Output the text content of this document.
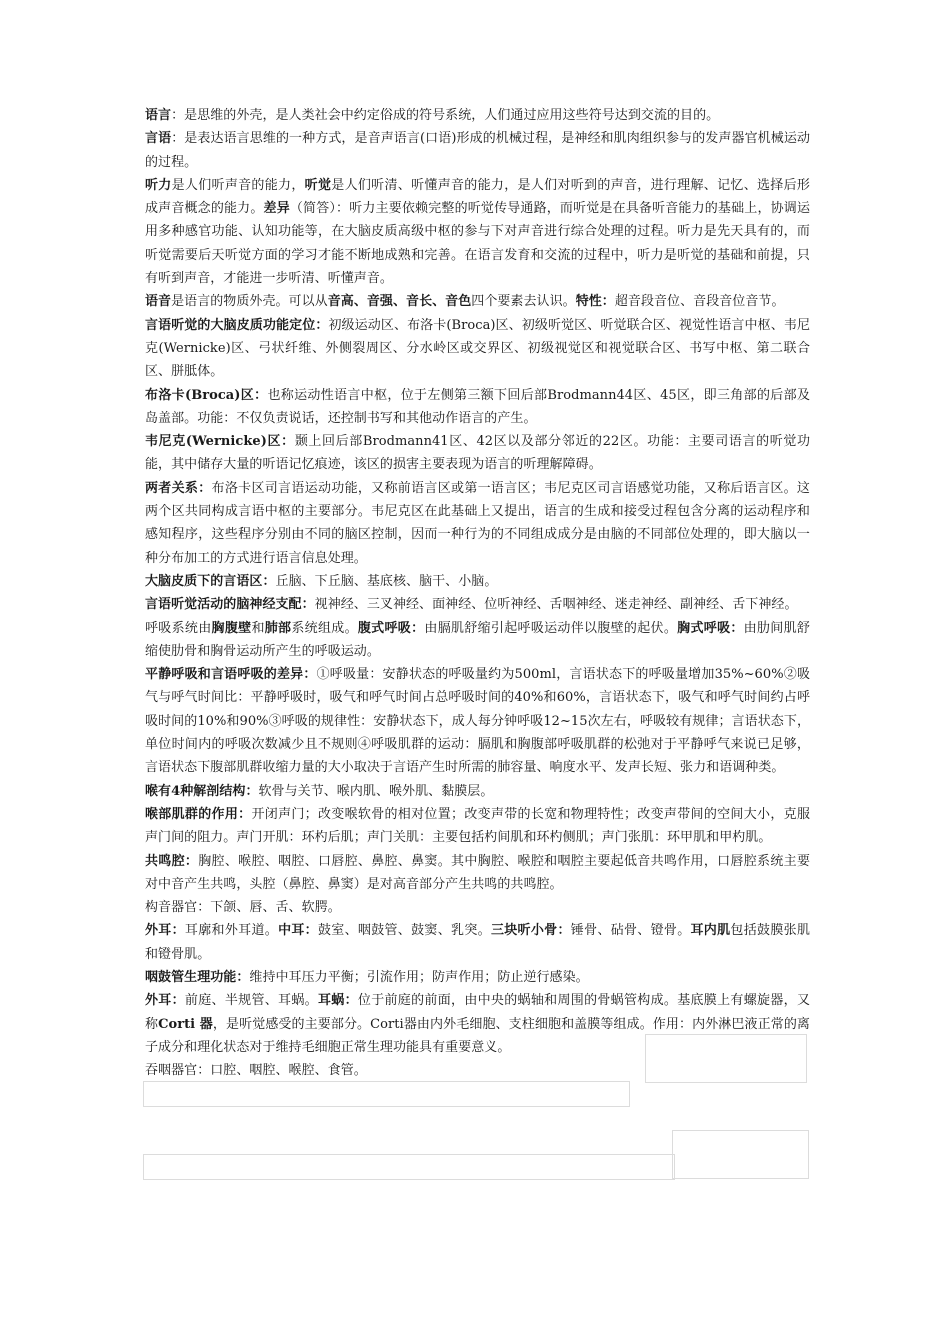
语言：是思维的外壳，是人类社会中约定俗成的符号系统，人们通过应用这些符号达到交流的目的。

言语：是表达语言思维的一种方式，是音声语言(口语)形成的机械过程，是神经和肌肉组织参与的发声器官机械运动的过程。

听力是人们听声音的能力，听觉是人们听清、听懂声音的能力，是人们对听到的声音，进行理解、记忆、选择后形成声音概念的能力。差异（简答）：听力主要依赖完整的听觉传导通路，而听觉是在具备听音能力的基础上，协调运用多种感官功能、认知功能等，在大脑皮质高级中枢的参与下对声音进行综合处理的过程。听力是先天具有的，而听觉需要后天听觉方面的学习才能不断地成熟和完善。在语言发育和交流的过程中，听力是听觉的基础和前提，只有听到声音，才能进一步听清、听懂声音。

语音是语言的物质外壳。可以从音高、音强、音长、音色四个要素去认识。特性：超音段音位、音段音位音节。

言语听觉的大脑皮质功能定位：初级运动区、布洛卡(Broca)区、初级听觉区、听觉联合区、视觉性语言中枢、韦尼克(Wernicke)区、弓状纤维、外侧裂周区、分水岭区或交界区、初级视觉区和视觉联合区、书写中枢、第二联合区、胼胝体。

布洛卡(Broca)区：也称运动性语言中枢，位于左侧第三额下回后部Brodmann44区、45区，即三角部的后部及岛盖部。功能：不仅负责说话，还控制书写和其他动作语言的产生。

韦尼克(Wernicke)区：颞上回后部Brodmann41区、42区以及部分邻近的22区。功能：主要司语言的听觉功能，其中储存大量的听语记忆痕迹，该区的损害主要表现为语言的听理解障碍。

两者关系：布洛卡区司言语运动功能，又称前语言区或第一语言区；韦尼克区司言语感觉功能，又称后语言区。这两个区共同构成言语中枢的主要部分。韦尼克区在此基础上又提出，语言的生成和接受过程包含分离的运动程序和感知程序，这些程序分别由不同的脑区控制，因而一种行为的不同组成成分是由脑的不同部位处理的，即大脑以一种分布加工的方式进行语言信息处理。

大脑皮质下的言语区：丘脑、下丘脑、基底核、脑干、小脑。

言语听觉活动的脑神经支配：视神经、三叉神经、面神经、位听神经、舌咽神经、迷走神经、副神经、舌下神经。

呼吸系统由胸腹壁和肺部系统组成。腹式呼吸：由膈肌舒缩引起呼吸运动伴以腹壁的起伏。胸式呼吸：由肋间肌舒缩使肋骨和胸骨运动所产生的呼吸运动。

平静呼吸和言语呼吸的差异：①呼吸量：安静状态的呼吸量约为500ml，言语状态下的呼吸量增加35%~60%②吸气与呼气时间比：平静呼吸时，吸气和呼气时间占总呼吸时间的40%和60%，言语状态下，吸气和呼气时间约占呼吸时间的10%和90%③呼吸的规律性：安静状态下，成人每分钟呼吸12~15次左右，呼吸较有规律；言语状态下，单位时间内的呼吸次数减少且不规则④呼吸肌群的运动：膈肌和胸腹部呼吸肌群的松弛对于平静呼气来说已足够，言语状态下腹部肌群收缩力量的大小取决于言语产生时所需的肺容量、响度水平、发声长短、张力和语调种类。

喉有4种解剖结构：软骨与关节、喉内肌、喉外肌、黏膜层。

喉部肌群的作用：开闭声门；改变喉软骨的相对位置；改变声带的长宽和物理特性；改变声带间的空间大小，克服声门间的阻力。声门开肌：环杓后肌；声门关肌：主要包括杓间肌和环杓侧肌；声门张肌：环甲肌和甲杓肌。

共鸣腔：胸腔、喉腔、咽腔、口唇腔、鼻腔、鼻窦。其中胸腔、喉腔和咽腔主要起低音共鸣作用，口唇腔系统主要对中音产生共鸣，头腔（鼻腔、鼻窦）是对高音部分产生共鸣的共鸣腔。

构音器官：下颌、唇、舌、软腭。

外耳：耳廓和外耳道。中耳：鼓室、咽鼓管、鼓窦、乳突。三块听小骨：锤骨、砧骨、镫骨。耳内肌包括鼓膜张肌和镫骨肌。

咽鼓管生理功能：维持中耳压力平衡；引流作用；防声作用；防止逆行感染。

外耳：前庭、半规管、耳蜗。耳蜗：位于前庭的前面，由中央的蜗轴和周围的骨蜗管构成。基底膜上有螺旋器，又称Corti 器，是听觉感受的主要部分。Corti器由内外毛细胞、支柱细胞和盖膜等组成。作用：内外淋巴液正常的离子成分和理化状态对于维持毛细胞正常生理功能具有重要意义。

吞咽器官：口腔、咽腔、喉腔、食管。
